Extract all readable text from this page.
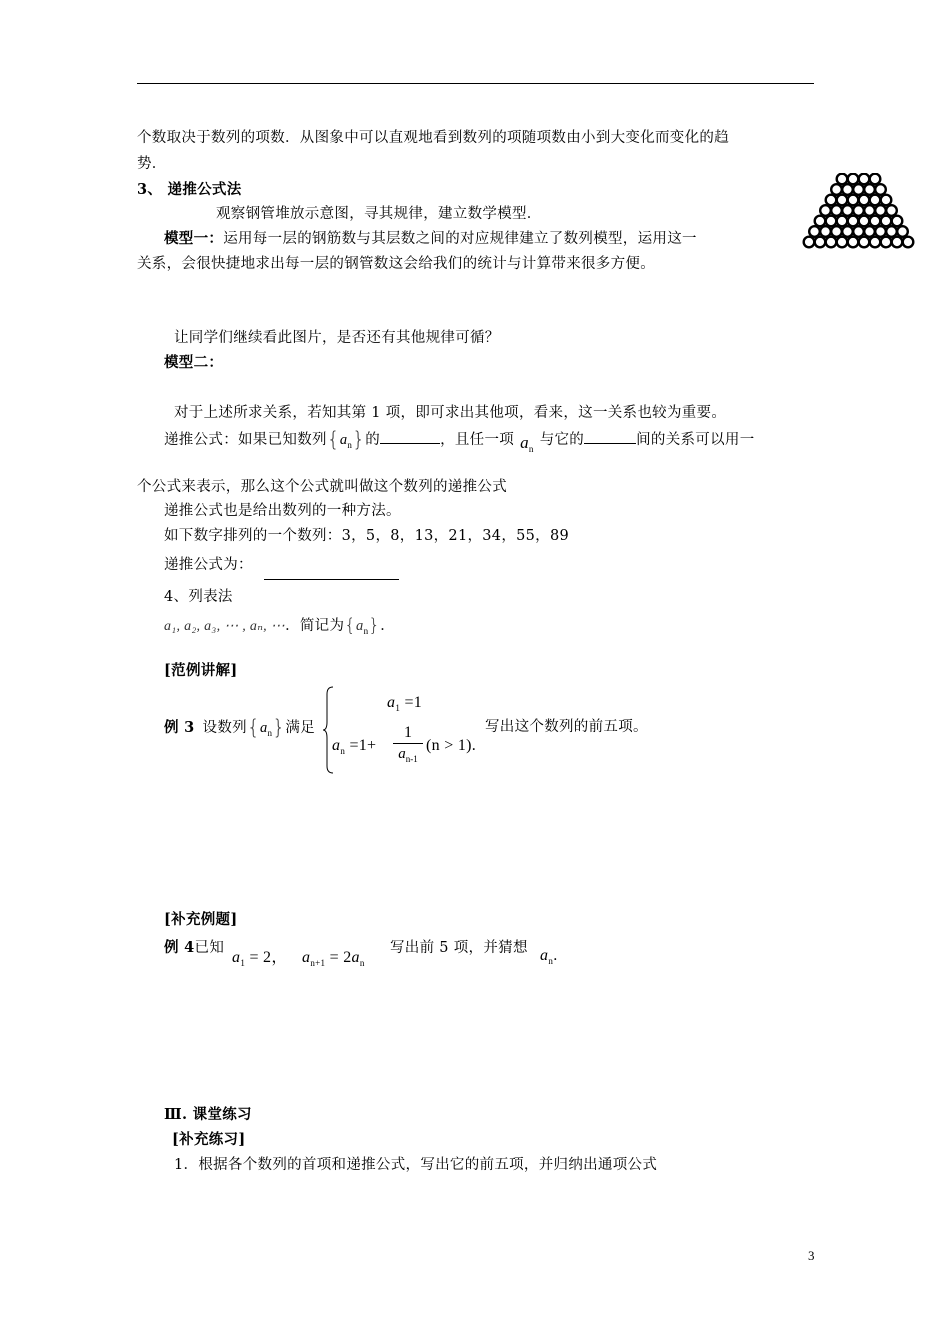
个数取决于数列的项数．从图象中可以直观地看到数列的项随项数由小到大变化而变化的趋
势．
3、 递推公式法
观察钢管堆放示意图，寻其规律，建立数学模型．
模型一：运用每一层的钢筋数与其层数之间的对应规律建立了数列模型，运用这一
关系，会很快捷地求出每一层的钢管数这会给我们的统计与计算带来很多方便。
让同学们继续看此图片，是否还有其他规律可循？
模型二：
对于上述所求关系，若知其第 1 项，即可求出其他项，看来，这一关系也较为重要。
递推公式：如果已知数列$\{a_n\}$的	，且任一项 $a_n$与它的	间的关系可以用一
个公式来表示，那么这个公式就叫做这个数列的递推公式
递推公式也是给出数列的一种方法。
如下数字排列的一个数列：3，5，8，13，21，34，55，89
递推公式为：
4、列表法
a₁, a₂, a₃, ⋯ , aₙ, ⋯．简记为$\{a_n\}$．
[范例讲解]
例 3 设数列$\{a_n\}$满足
$a_1 =1$
$a_n =1+$
1
$a_{n-1}$
(n > 1).
写出这个数列的前五项。
[补充例题]
例 4已知
$a_1 = 2$， $a_{n+1} = 2a_n$
写出前 5 项，并猜想 $a_n$．
Ⅲ. 课堂练习
[补充练习]
1．根据各个数列的首项和递推公式，写出它的前五项，并归纳出通项公式
3
